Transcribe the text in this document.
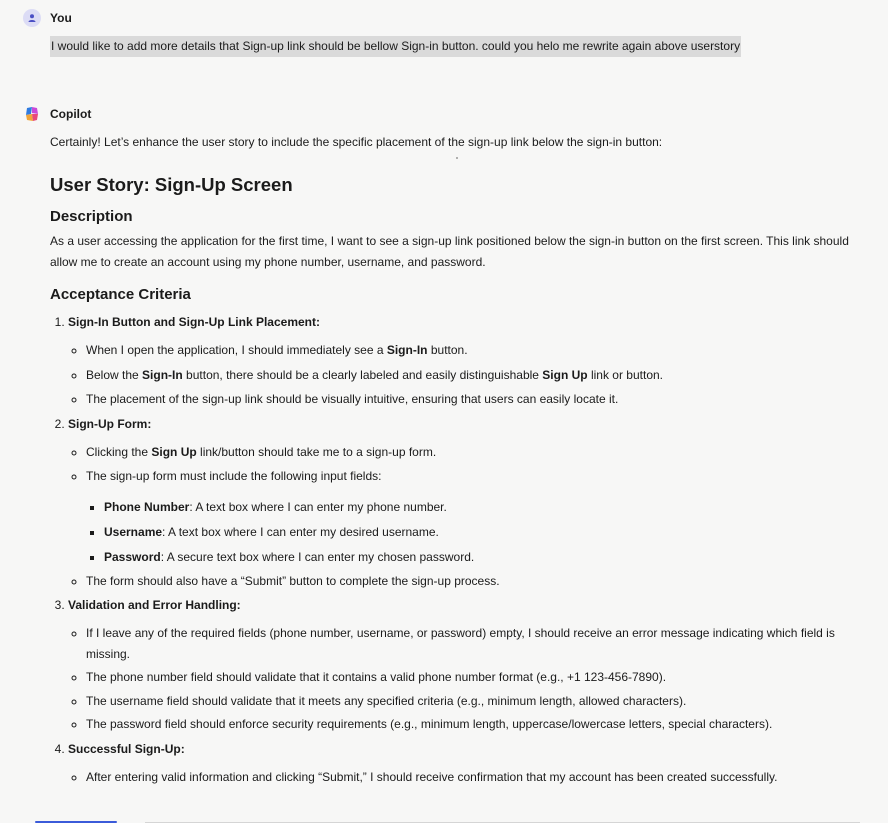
You
I would like to add more details that Sign-up link should be bellow Sign-in button. could you helo me rewrite again above userstory
Copilot

Certainly! Let’s enhance the user story to include the specific placement of the sign-up link below the sign-in button:

User Story: Sign-Up Screen
Description

As a user accessing the application for the first time, I want to see a sign-up link positioned below the sign-in button on the first screen. This link should allow me to create an account using my phone number, username, and password.

Acceptance Criteria
1. Sign-In Button and Sign-Up Link Placement:
◦ When I open the application, I should immediately see a Sign-In button.
◦ Below the Sign-In button, there should be a clearly labeled and easily distinguishable Sign Up link or button.
◦ The placement of the sign-up link should be visually intuitive, ensuring that users can easily locate it.
2. Sign-Up Form:
◦ Clicking the Sign Up link/button should take me to a sign-up form.
◦ The sign-up form must include the following input fields:
▪ Phone Number: A text box where I can enter my phone number.
▪ Username: A text box where I can enter my desired username.
▪ Password: A secure text box where I can enter my chosen password.
◦ The form should also have a “Submit” button to complete the sign-up process.
3. Validation and Error Handling:
◦ If I leave any of the required fields (phone number, username, or password) empty, I should receive an error message indicating which field is missing.
◦ The phone number field should validate that it contains a valid phone number format (e.g., +1 123-456-7890).
◦ The username field should validate that it meets any specified criteria (e.g., minimum length, allowed characters).
◦ The password field should enforce security requirements (e.g., minimum length, uppercase/lowercase letters, special characters).
4. Successful Sign-Up:
◦ After entering valid information and clicking “Submit,” I should receive confirmation that my account has been created successfully.
